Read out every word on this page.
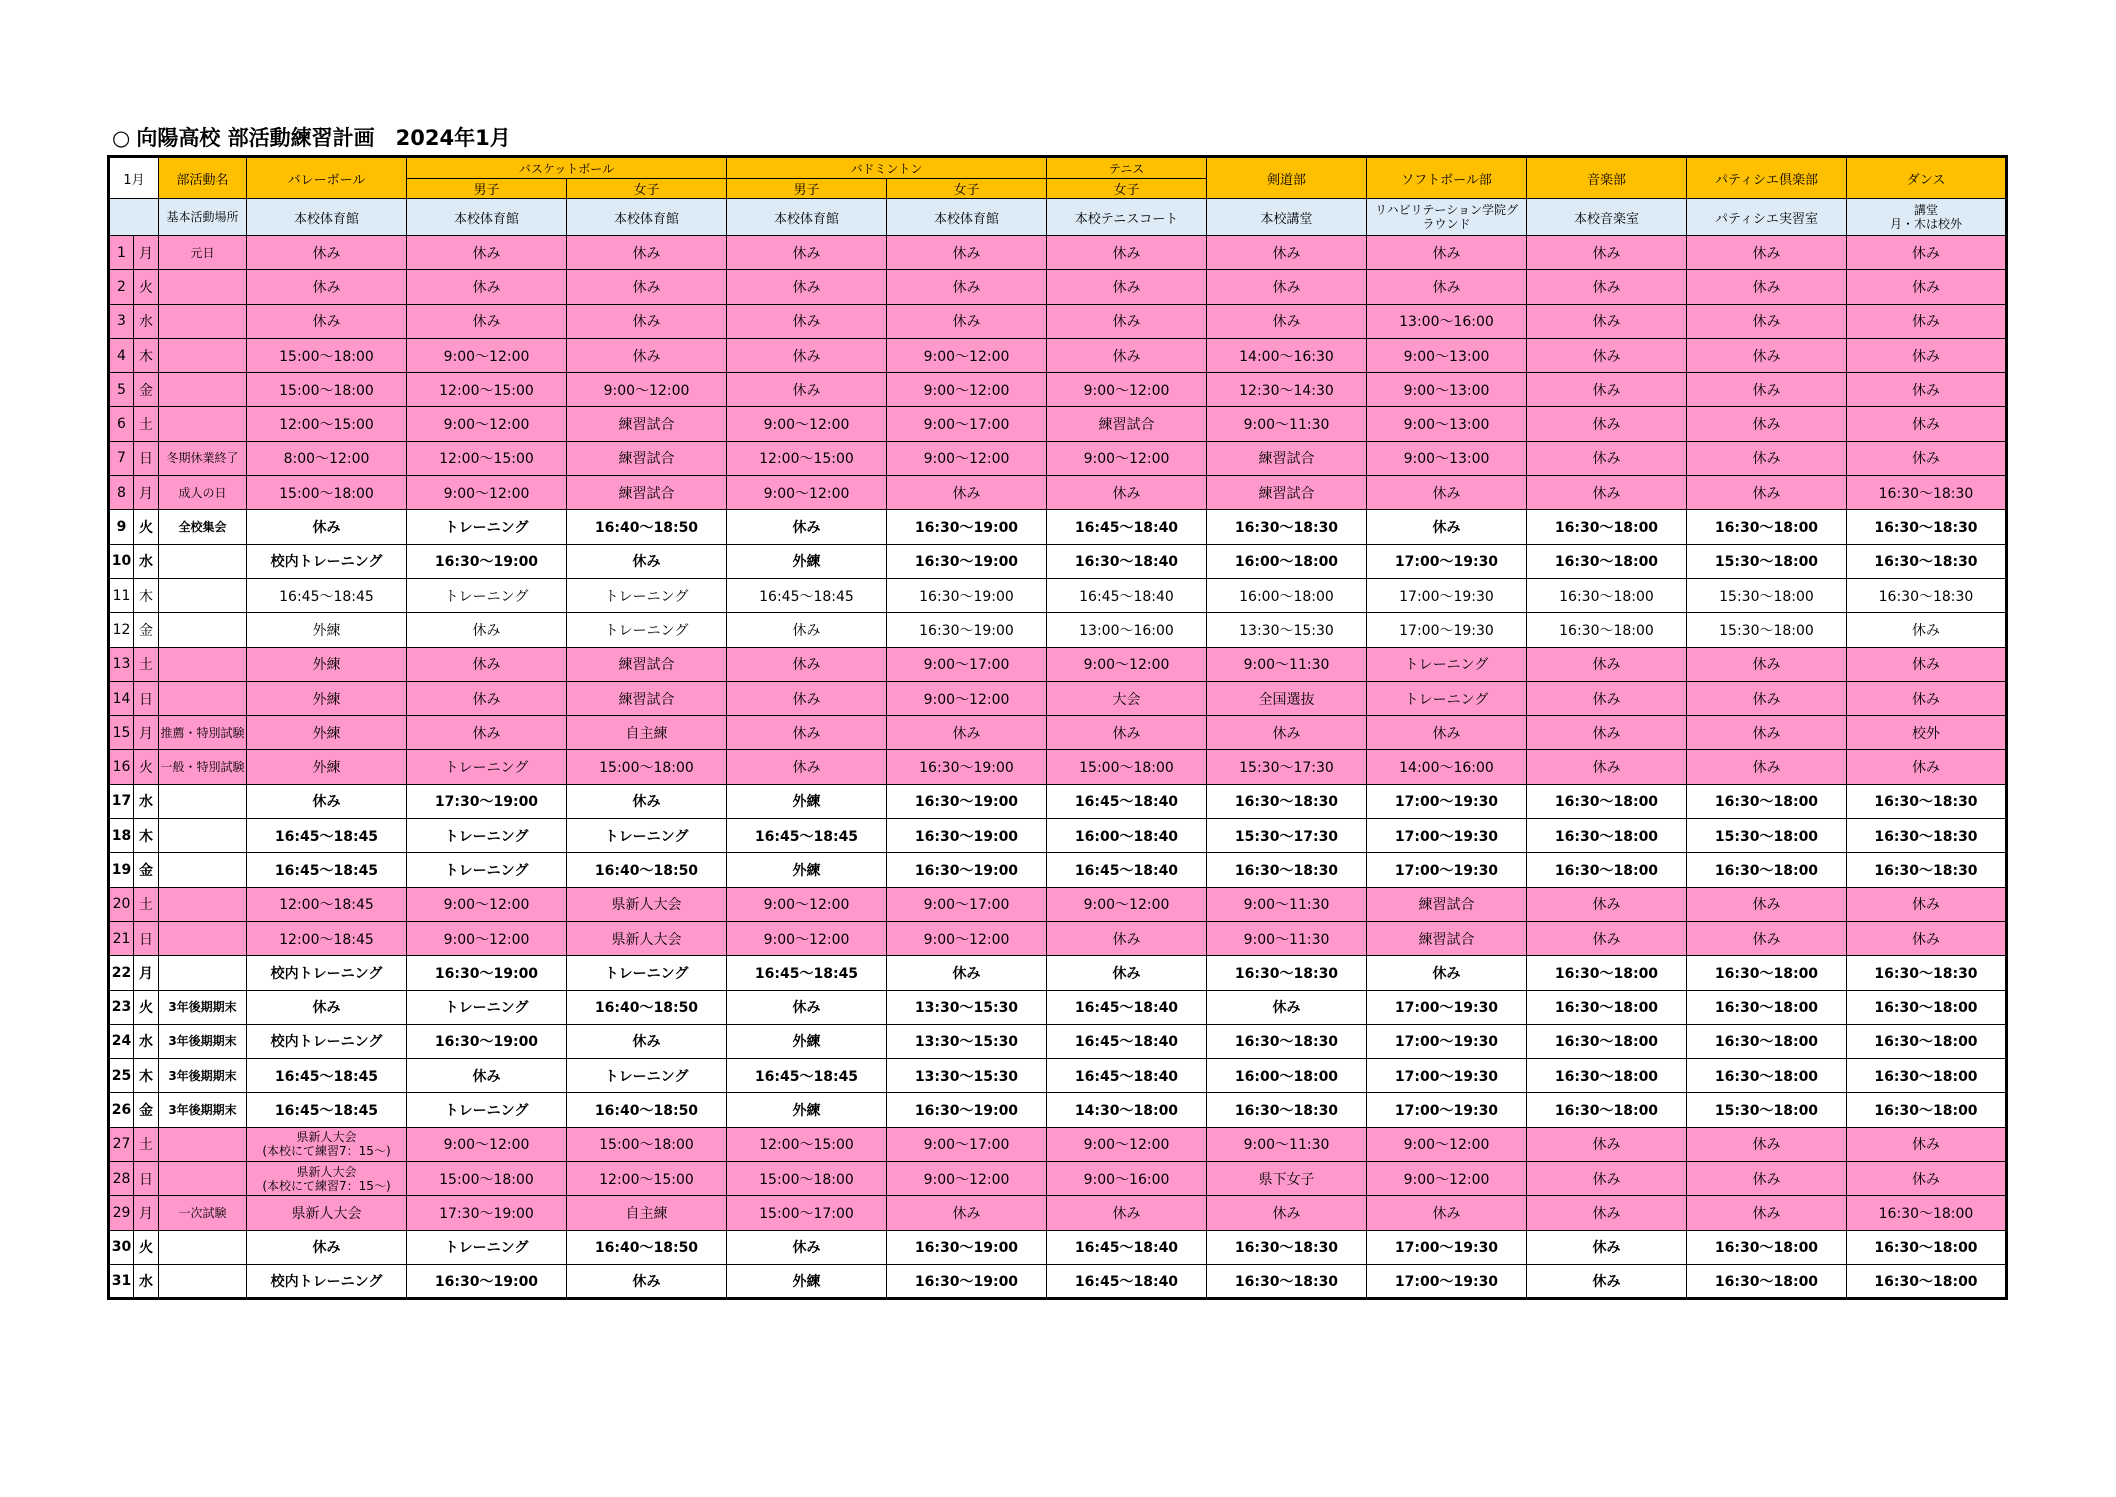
○ 向陽高校 部活動練習計画　2024年1月
1月		部活動名	バレーボール	バスケットボール		バドミントン		テニス	剣道部	ソフトボール部	音楽部	パティシエ倶楽部	ダンス
				男子	女子	男子	女子	女子					
		基本活動場所	本校体育館	本校体育館	本校体育館	本校体育館	本校体育館	本校テニスコート	本校講堂	リハビリテーション学院グラウンド	本校音楽室	パティシエ実習室	講堂
月・木は校外
1	月	元日	休み	休み	休み	休み	休み	休み	休み	休み	休み	休み	休み
2	火		休み	休み	休み	休み	休み	休み	休み	休み	休み	休み	休み
3	水		休み	休み	休み	休み	休み	休み	休み	13:00～16:00	休み	休み	休み
4	木		15:00～18:00	9:00～12:00	休み	休み	9:00～12:00	休み	14:00～16:30	9:00～13:00	休み	休み	休み
5	金		15:00～18:00	12:00～15:00	9:00～12:00	休み	9:00～12:00	9:00～12:00	12:30～14:30	9:00～13:00	休み	休み	休み
6	土		12:00～15:00	9:00～12:00	練習試合	9:00～12:00	9:00～17:00	練習試合	9:00～11:30	9:00～13:00	休み	休み	休み
7	日	冬期休業終了	8:00～12:00	12:00～15:00	練習試合	12:00～15:00	9:00～12:00	9:00～12:00	練習試合	9:00～13:00	休み	休み	休み
8	月	成人の日	15:00～18:00	9:00～12:00	練習試合	9:00～12:00	休み	休み	練習試合	休み	休み	休み	16:30～18:30
9	火	全校集会	休み	トレーニング	16:40～18:50	休み	16:30～19:00	16:45～18:40	16:30～18:30	休み	16:30～18:00	16:30～18:00	16:30～18:30
10	水		校内トレーニング	16:30～19:00	休み	外練	16:30～19:00	16:30～18:40	16:00～18:00	17:00～19:30	16:30～18:00	15:30～18:00	16:30～18:30
11	木		16:45～18:45	トレーニング	トレーニング	16:45～18:45	16:30～19:00	16:45～18:40	16:00～18:00	17:00～19:30	16:30～18:00	15:30～18:00	16:30～18:30
12	金		外練	休み	トレーニング	休み	16:30～19:00	13:00～16:00	13:30～15:30	17:00～19:30	16:30～18:00	15:30～18:00	休み
13	土		外練	休み	練習試合	休み	9:00～17:00	9:00～12:00	9:00～11:30	トレーニング	休み	休み	休み
14	日		外練	休み	練習試合	休み	9:00～12:00	大会	全国選抜	トレーニング	休み	休み	休み
15	月	推薦・特別試験	外練	休み	自主練	休み	休み	休み	休み	休み	休み	休み	校外
16	火	一般・特別試験	外練	トレーニング	15:00～18:00	休み	16:30～19:00	15:00～18:00	15:30～17:30	14:00～16:00	休み	休み	休み
17	水		休み	17:30～19:00	休み	外練	16:30～19:00	16:45～18:40	16:30～18:30	17:00～19:30	16:30～18:00	16:30～18:00	16:30～18:30
18	木		16:45～18:45	トレーニング	トレーニング	16:45～18:45	16:30～19:00	16:00～18:40	15:30～17:30	17:00～19:30	16:30～18:00	15:30～18:00	16:30～18:30
19	金		16:45～18:45	トレーニング	16:40～18:50	外練	16:30～19:00	16:45～18:40	16:30～18:30	17:00～19:30	16:30～18:00	16:30～18:00	16:30～18:30
20	土		12:00～18:45	9:00～12:00	県新人大会	9:00～12:00	9:00～17:00	9:00～12:00	9:00～11:30	練習試合	休み	休み	休み
21	日		12:00～18:45	9:00～12:00	県新人大会	9:00～12:00	9:00～12:00	休み	9:00～11:30	練習試合	休み	休み	休み
22	月		校内トレーニング	16:30～19:00	トレーニング	16:45～18:45	休み	休み	16:30～18:30	休み	16:30～18:00	16:30～18:00	16:30～18:30
23	火	3年後期期末	休み	トレーニング	16:40～18:50	休み	13:30～15:30	16:45～18:40	休み	17:00～19:30	16:30～18:00	16:30～18:00	16:30～18:00
24	水	3年後期期末	校内トレーニング	16:30～19:00	休み	外練	13:30～15:30	16:45～18:40	16:30～18:30	17:00～19:30	16:30～18:00	16:30～18:00	16:30～18:00
25	木	3年後期期末	16:45～18:45	休み	トレーニング	16:45～18:45	13:30～15:30	16:45～18:40	16:00～18:00	17:00～19:30	16:30～18:00	16:30～18:00	16:30～18:00
26	金	3年後期期末	16:45～18:45	トレーニング	16:40～18:50	外練	16:30～19:00	14:30～18:00	16:30～18:30	17:00～19:30	16:30～18:00	15:30～18:00	16:30～18:00
27	土		県新人大会
(本校にて練習7：15～)	9:00～12:00	15:00～18:00	12:00～15:00	9:00～17:00	9:00～12:00	9:00～11:30	9:00～12:00	休み	休み	休み
28	日		県新人大会
(本校にて練習7：15～)	15:00～18:00	12:00～15:00	15:00～18:00	9:00～12:00	9:00～16:00	県下女子	9:00～12:00	休み	休み	休み
29	月	一次試験	県新人大会	17:30～19:00	自主練	15:00～17:00	休み	休み	休み	休み	休み	休み	16:30～18:00
30	火		休み	トレーニング	16:40～18:50	休み	16:30～19:00	16:45～18:40	16:30～18:30	17:00～19:30	休み	16:30～18:00	16:30～18:00
31	水		校内トレーニング	16:30～19:00	休み	外練	16:30～19:00	16:45～18:40	16:30～18:30	17:00～19:30	休み	16:30～18:00	16:30～18:00
